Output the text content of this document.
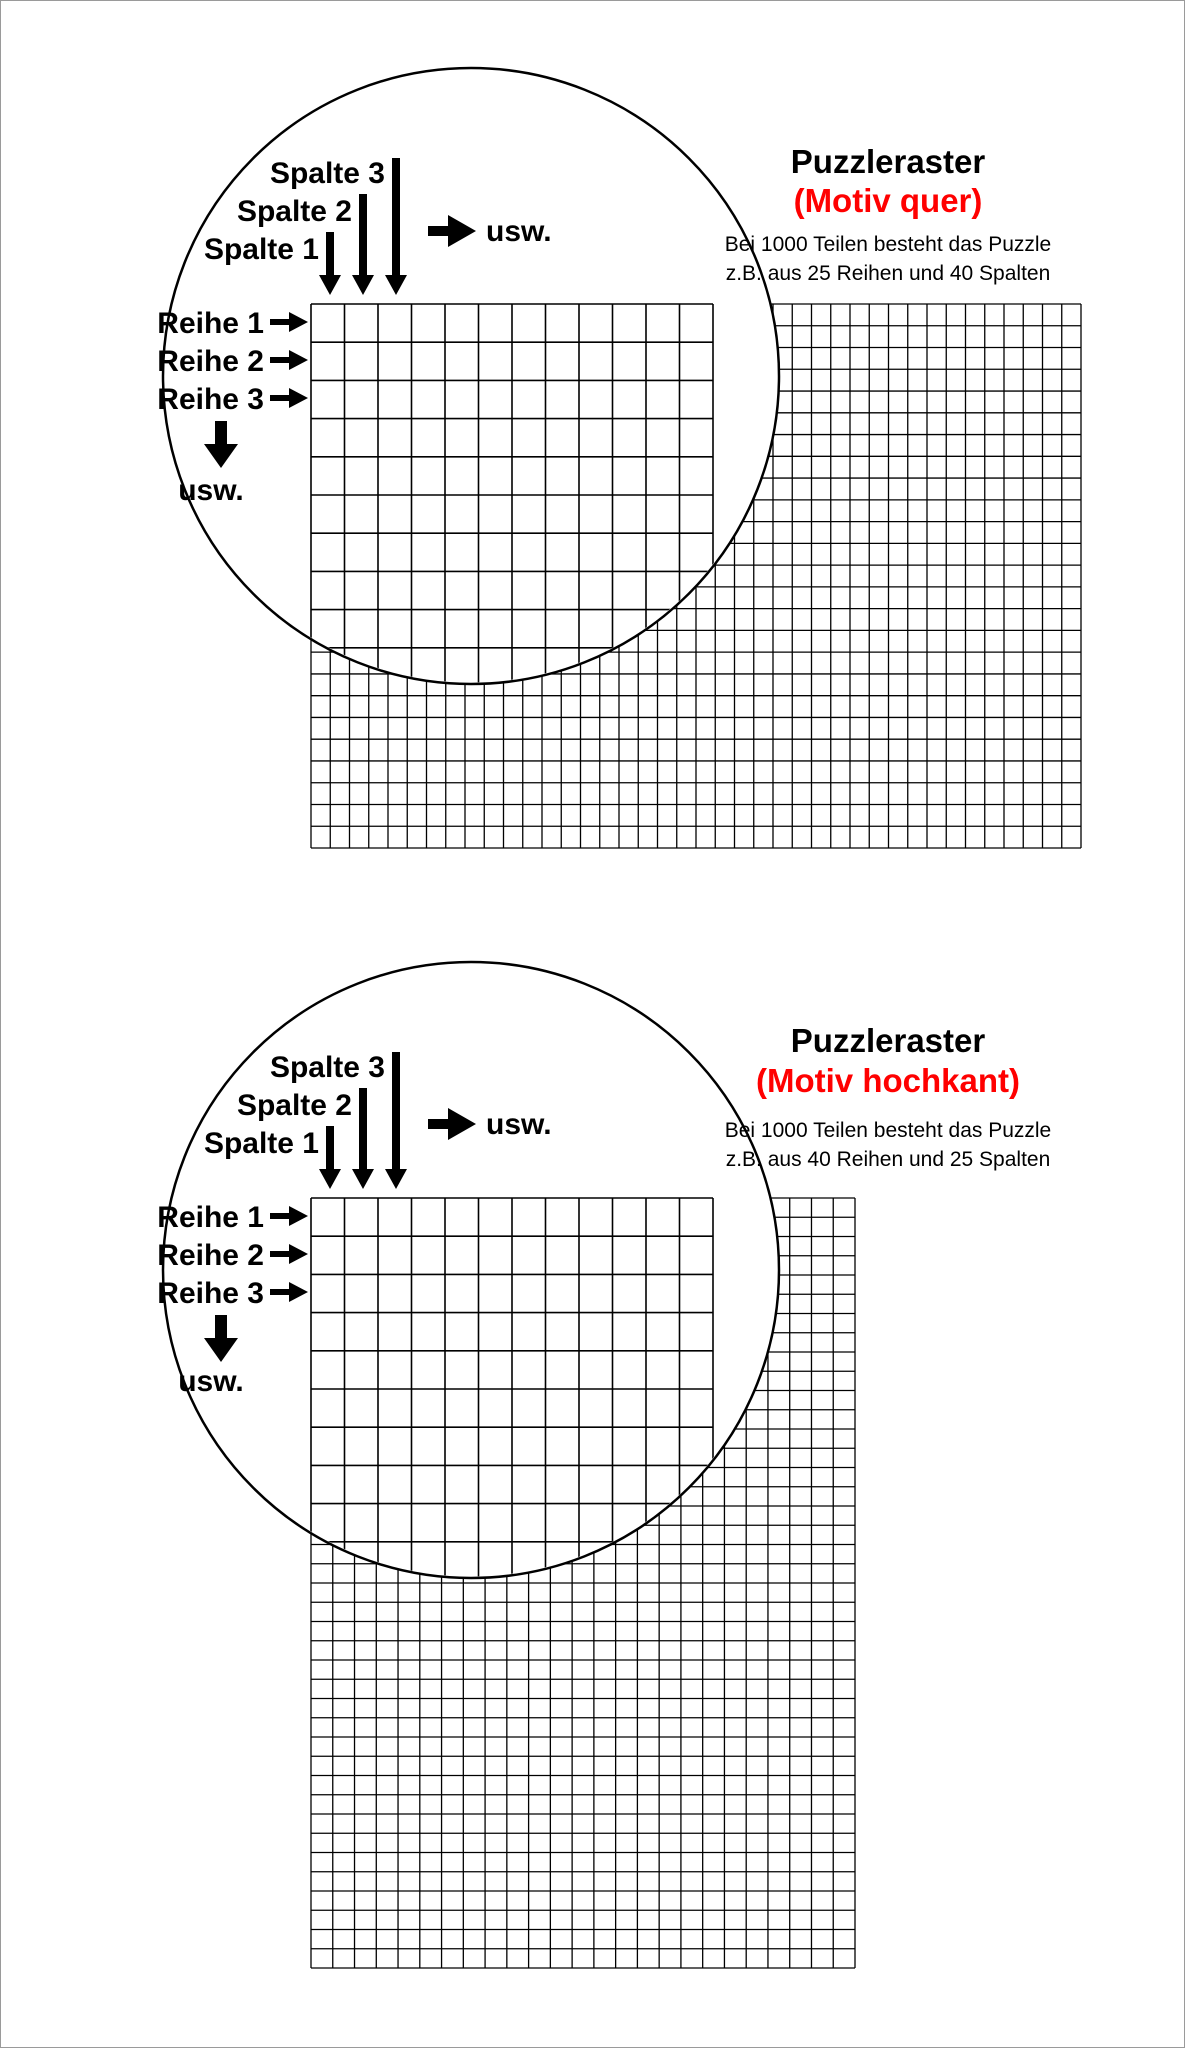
Puzzleraster
(Motiv quer)
Bei 1000 Teilen besteht das Puzzle
z.B. aus 25 Reihen und 40 Spalten
Spalte 3
Spalte 2
Spalte 1
usw.
Reihe 1
Reihe 2
Reihe 3
usw.
Puzzleraster
(Motiv hochkant)
Bei 1000 Teilen besteht das Puzzle
z.B. aus 40 Reihen und 25 Spalten
Spalte 3
Spalte 2
Spalte 1
usw.
Reihe 1
Reihe 2
Reihe 3
usw.
